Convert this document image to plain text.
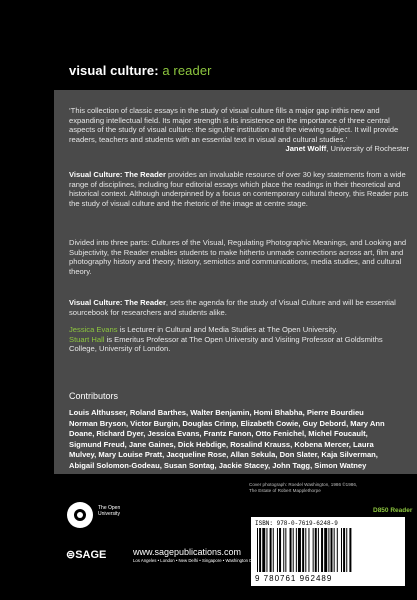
visual culture: a reader

‘This collection of classic essays in the study of visual culture fills a major gap inthis new and expanding intellectual field. Its major strength is its insistence on the importance of three central aspects of the study of visual culture: the sign,the institution and the viewing subject. It will provide readers, teachers and students with an essential text in visual and cultural studies.’

Janet Wolff, University of Rochester

Visual Culture: The Reader provides an invaluable resource of over 30 key statements from a wide range of disciplines, including four editorial essays which place the readings in their theoretical and historical context. Although underpinned by a focus on contemporary cultural theory, this Reader puts the study of visual culture and the rhetoric of the image at centre stage.

Divided into three parts: Cultures of the Visual, Regulating Photographic Meanings, and Looking and Subjectivity, the Reader enables students to make hitherto unmade connections across art, film and photography history and theory, history, semiotics and communications, media studies, and cultural theory.

Visual Culture: The Reader, sets the agenda for the study of Visual Culture and will be essential sourcebook for researchers and students alike.

Jessica Evans is Lecturer in Cultural and Media Studies at The Open University.
Stuart Hall is Emeritus Professor at The Open University and Visiting Professor at Goldsmiths College, University of London.

Contributors
Louis Althusser, Roland Barthes, Walter Benjamin, Homi Bhabha, Pierre Bourdieu Norman Bryson, Victor Burgin, Douglas Crimp, Elizabeth Cowie, Guy Debord, Mary Ann Doane, Richard Dyer, Jessica Evans, Frantz Fanon, Otto Fenichel, Michel Foucault, Sigmund Freud, Jane Gaines, Dick Hebdige, Rosalind Krauss, Kobena Mercer, Laura Mulvey, Mary Louise Pratt, Jacqueline Rose, Allan Sekula, Don Slater, Kaja Silverman, Abigail Solomon-Godeau, Susan Sontag, Jackie Stacey, John Tagg, Simon Watney
The Open University
Cover photograph: Roedel Washington, 1986 ©1986,
The Estate of Robert Mapplethorpe
D850 Reader
ISBN: 978-0-7619-6248-9
9 780761 962489
⊜SAGE	www.sagepublications.com
Los Angeles • London • New Delhi • Singapore • Washington DC
